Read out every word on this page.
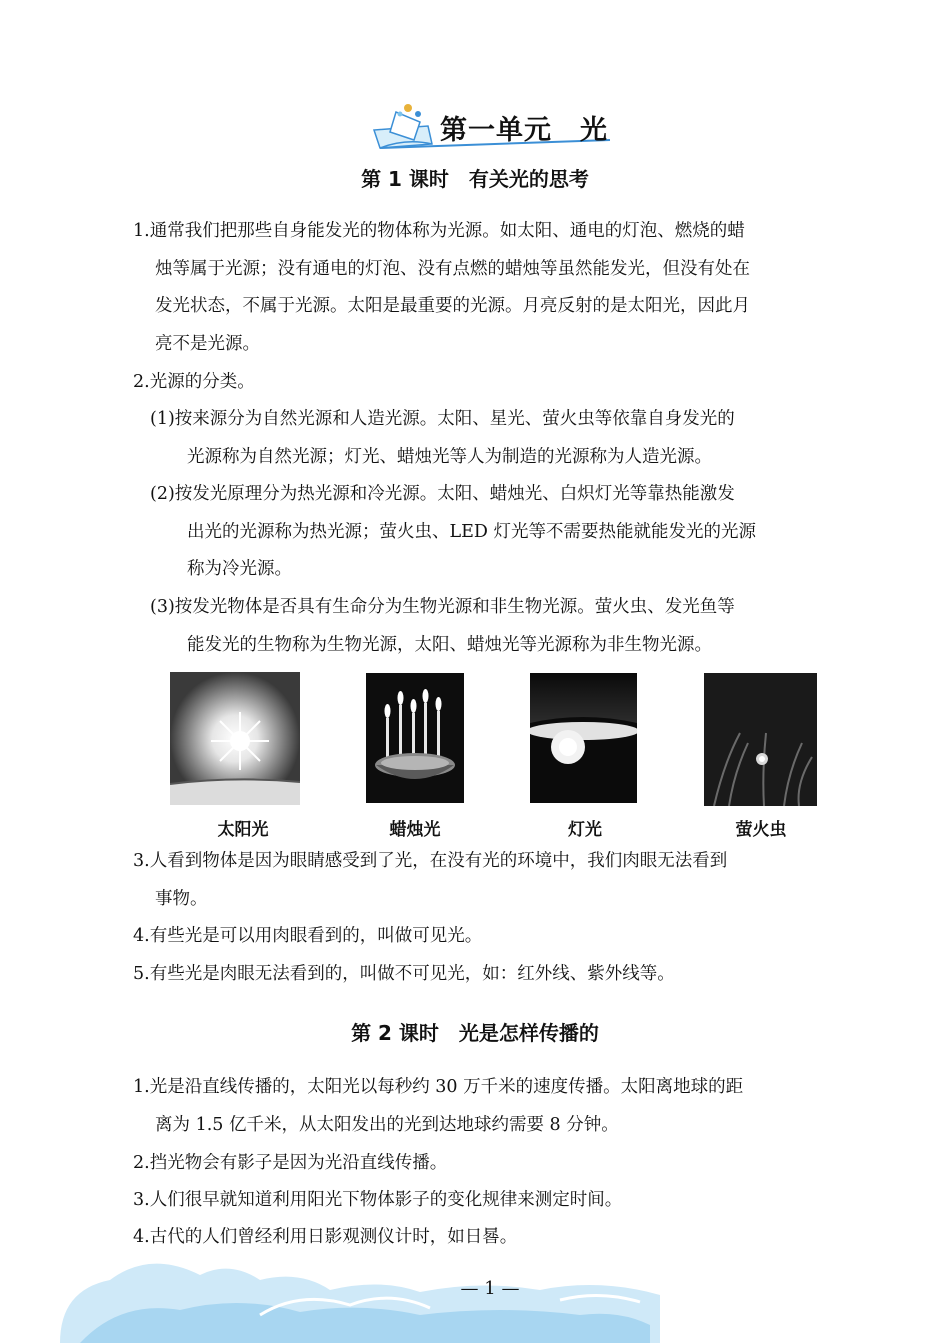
第一单元　光
第 1 课时　有关光的思考
1.通常我们把那些自身能发光的物体称为光源。如太阳、通电的灯泡、燃烧的蜡
烛等属于光源；没有通电的灯泡、没有点燃的蜡烛等虽然能发光，但没有处在
发光状态，不属于光源。太阳是最重要的光源。月亮反射的是太阳光，因此月
亮不是光源。
2.光源的分类。
(1)按来源分为自然光源和人造光源。太阳、星光、萤火虫等依靠自身发光的
光源称为自然光源；灯光、蜡烛光等人为制造的光源称为人造光源。
(2)按发光原理分为热光源和冷光源。太阳、蜡烛光、白炽灯光等靠热能激发
出光的光源称为热光源；萤火虫、LED 灯光等不需要热能就能发光的光源
称为冷光源。
(3)按发光物体是否具有生命分为生物光源和非生物光源。萤火虫、发光鱼等
能发光的生物称为生物光源，太阳、蜡烛光等光源称为非生物光源。
太阳光	蜡烛光	灯光	萤火虫
3.人看到物体是因为眼睛感受到了光，在没有光的环境中，我们肉眼无法看到
事物。
4.有些光是可以用肉眼看到的，叫做可见光。
5.有些光是肉眼无法看到的，叫做不可见光，如：红外线、紫外线等。
第 2 课时　光是怎样传播的
1.光是沿直线传播的，太阳光以每秒约 30 万千米的速度传播。太阳离地球的距
离为 1.5 亿千米，从太阳发出的光到达地球约需要 8 分钟。
2.挡光物会有影子是因为光沿直线传播。
3.人们很早就知道利用阳光下物体影子的变化规律来测定时间。
4.古代的人们曾经利用日影观测仪计时，如日晷。
— 1 —
